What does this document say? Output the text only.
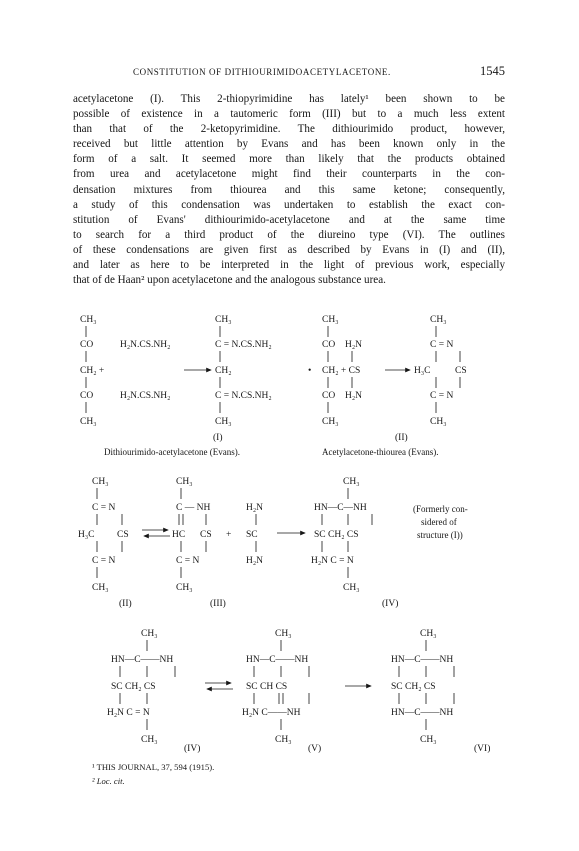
CONSTITUTION OF DITHIOURIMIDOACETYLACETONE.	1545
acetylacetone (I). This 2-thiopyrimidine has lately¹ been shown to be
possible of existence in a tautomeric form (III) but to a much less extent
than that of the 2-ketopyrimidine. The dithiourimido product, however,
received but little attention by Evans and has been known only in the
form of a salt. It seemed more than likely that the products obtained
from urea and acetylacetone might find their counterparts in the con-
densation mixtures from thiourea and this same ketone; consequently,
a study of this condensation was undertaken to establish the exact con-
stitution of Evans' dithiourimido-acetylacetone and at the same time
to search for a third product of the diureino type (VI). The outlines
of these condensations are given first as described by Evans in (I) and (II),
and later as here to be interpreted in the light of previous work, especially
that of de Haan² upon acetylacetone and the analogous substance urea.
CH₃
CO
CH₂ +
CO
CH₃
H₂N.CS.NH₂
H₂N.CS.NH₂
CH₃
C = N.CS.NH₂
CH₂
C = N.CS.NH₂
CH₃
(I)
Dithiourimido-acetylacetone (Evans).
CH₃
CO H₂N
• CH₂ + CS
CO H₂N
CH₃
CH₃
C = N
H₃C	CS
C = N
CH₃
(II)
Acetylacetone-thiourea (Evans).
CH₃
C = N
H₃C CS
C = N
CH₃
(II)
CH₃
C — NH
HC CS +
C = N
CH₃
(III)
H₂N
SC
H₂N
CH₃
HN—C—NH
SC CH₂ CS
H₂N C = N
CH₃
(IV)
(Formerly con-
sidered of
structure (I))
CH₃
HN—C——NH
SC CH₂ CS
H₂N C = N
CH₃
(IV)
CH₃
HN—C——NH
SC CH CS
H₂N C——NH
CH₃
(V)
CH₃
HN—C——NH
SC CH₂ CS
HN—C——NH
CH₃
(VI)
¹ THIS JOURNAL, 37, 594 (1915).
² Loc. cit.
